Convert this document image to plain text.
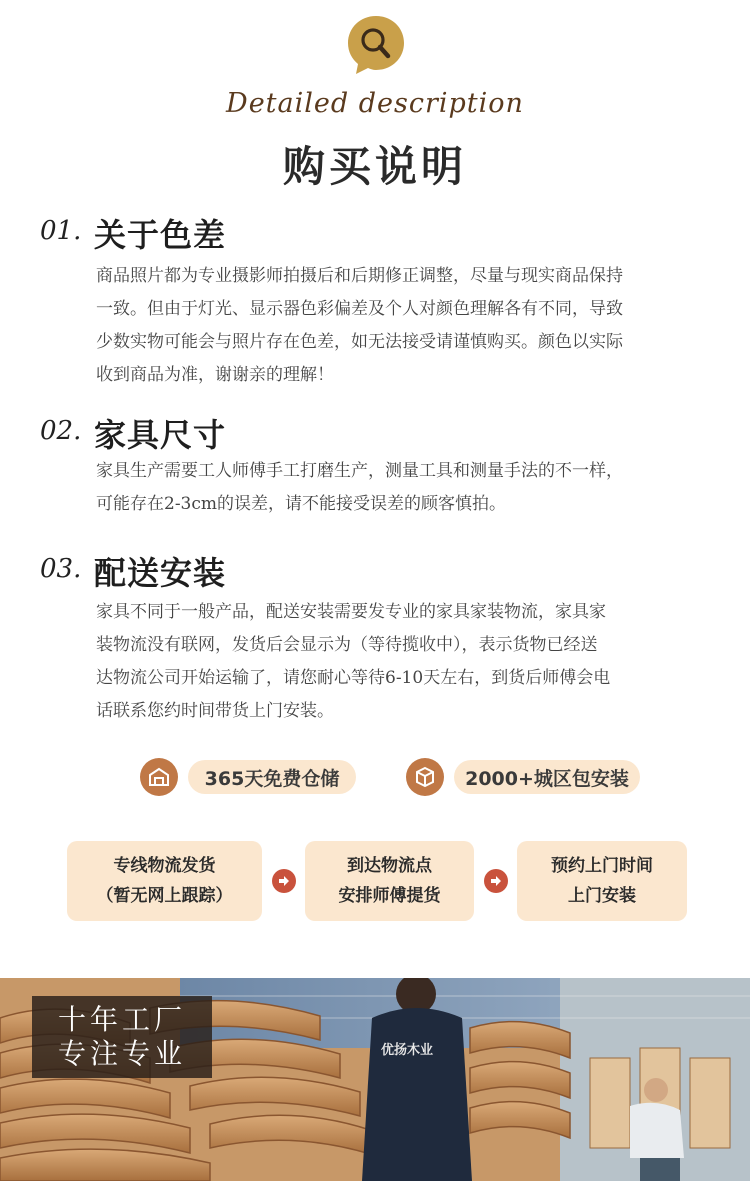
Detailed description
购买说明
01. 关于色差
商品照片都为专业摄影师拍摄后和后期修正调整，尽量与现实商品保持
一致。但由于灯光、显示器色彩偏差及个人对颜色理解各有不同，导致
少数实物可能会与照片存在色差，如无法接受请谨慎购买。颜色以实际
收到商品为准，谢谢亲的理解！
02. 家具尺寸
家具生产需要工人师傅手工打磨生产，测量工具和测量手法的不一样，
可能存在2-3cm的误差，请不能接受误差的顾客慎拍。
03. 配送安装
家具不同于一般产品，配送安装需要发专业的家具家装物流，家具家
装物流没有联网，发货后会显示为（等待揽收中），表示货物已经送
达物流公司开始运输了，请您耐心等待6-10天左右，到货后师傅会电
话联系您约时间带货上门安装。
365天免费仓储	2000+城区包安装
专线物流发货
（暂无网上跟踪）
到达物流点
安排师傅提货
预约上门时间
上门安装
优扬木业
十年工厂
专注专业
